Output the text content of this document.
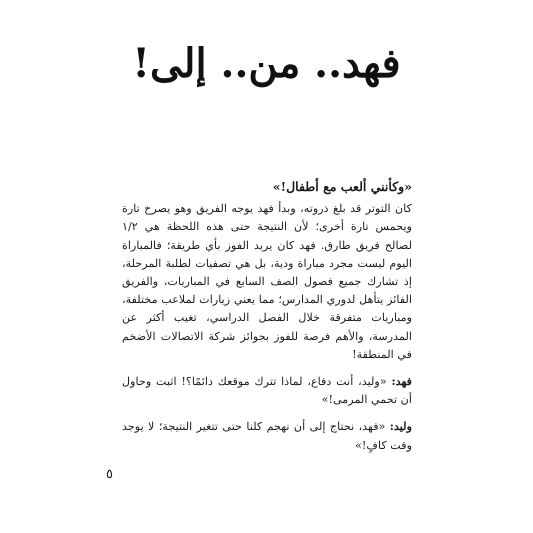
فهد.. من.. إلى!
«وكأنني ألعب مع أطفال!»
كان التوتر قد بلغ ذروته، وبدأ فهد يوجه الفريق وهو يصرخ تارة ويحمس تارة أخرى؛ لأن النتيجة حتى هذه اللحظة هي ١/٢ لصالح فريق طارق. فهد كان يريد الفوز بأي طريقة؛ فالمباراة اليوم ليست مجرد مباراة ودية، بل هي تصفيات لطلبة المرحلة، إذ تشارك جميع فصول الصف السابع في المباريات، والفريق الفائز يتأهل لدوري المدارس؛ مما يعني زيارات لملاعب مختلفة، ومباريات متفرقة خلال الفصل الدراسي، تغيب أكثر عن المدرسة، والأهم فرصة للفوز بجوائز شركة الاتصالات الأضخم في المنطقة!
فهد: «وليد، أنت دفاع، لماذا تترك موقعك دائمًا؟! اثبت وحاول أن تحمي المرمى!»
وليد: «فهد، نحتاج إلى أن نهجم كلنا حتى تتغير النتيجة؛ لا يوجد وقت كافٍ!»
٥
